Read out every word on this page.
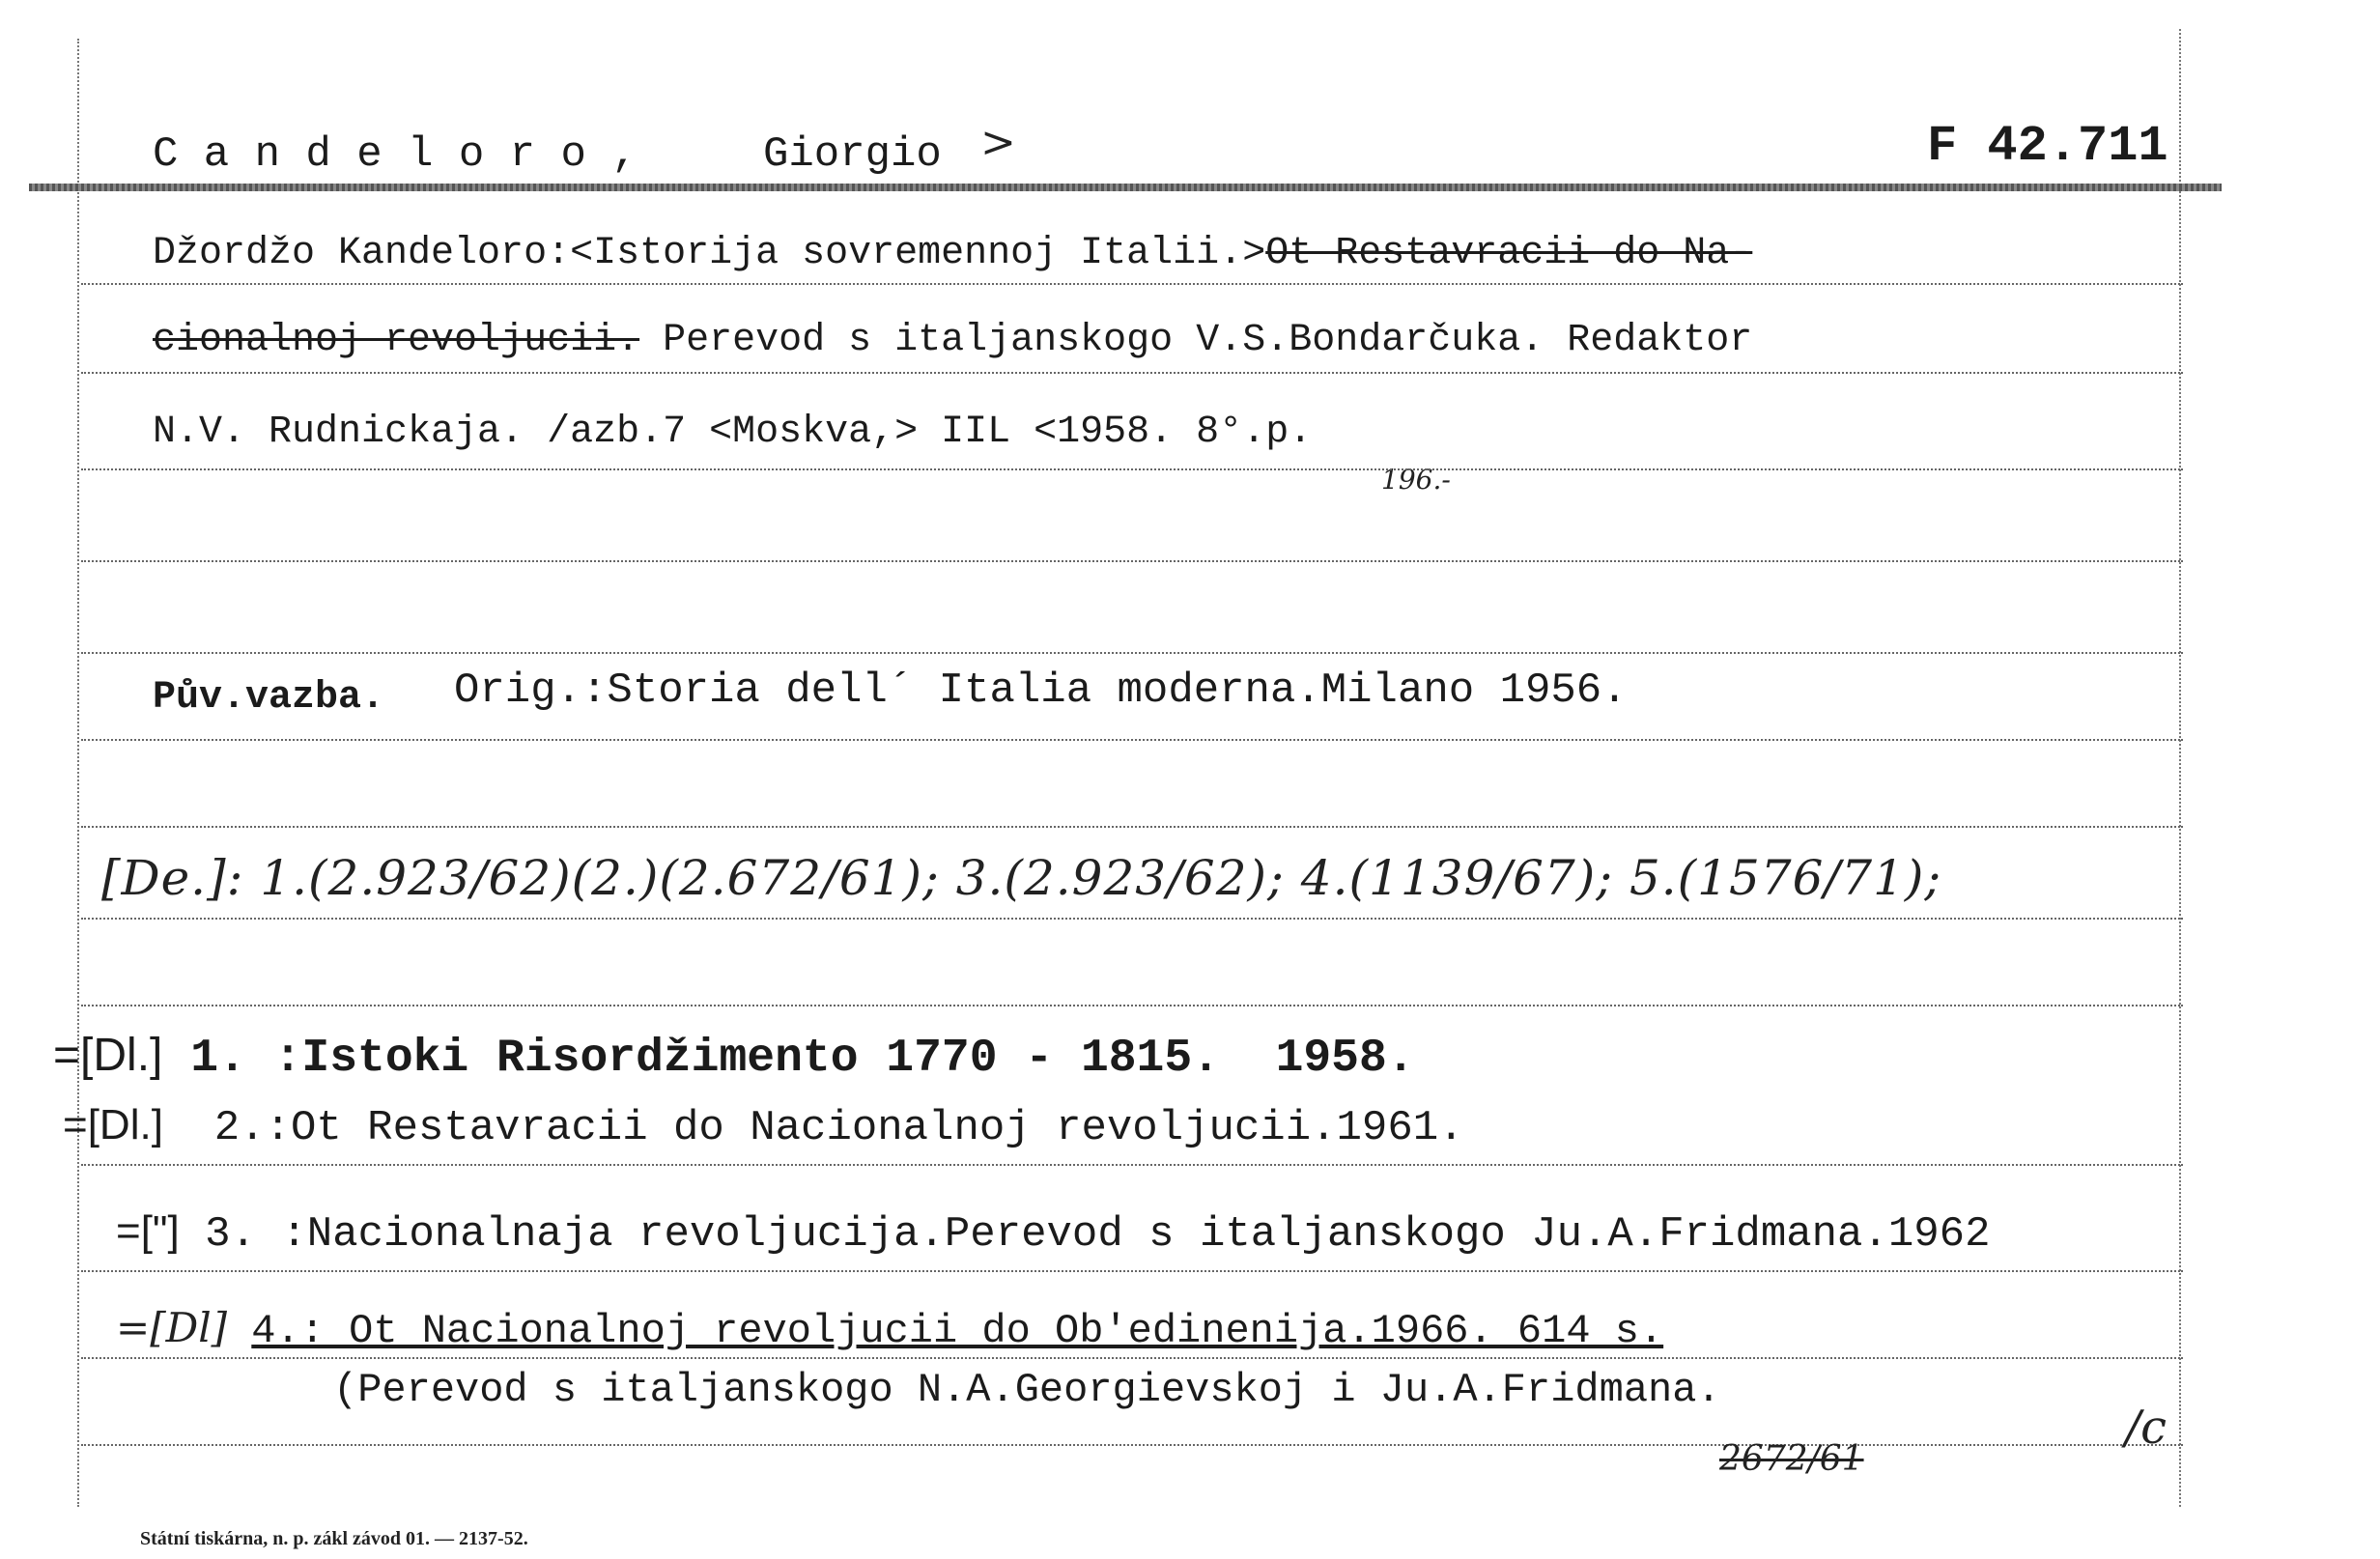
C a n d e l o r o ,	Giorgio >	F 42.711
Džordžo Kandeloro:<Istorija sovremennoj Italii.>Ot Restavracii do Na-
cionalnoj revoljucii. Perevod s italjanskogo V.S.Bondarčuka. Redaktor
N.V. Rudnickaja. /azb.7 <Moskva,> IIL <1958. 8°.p.
196.-
Pův.vazba. Orig.:Storia dell´ Italia moderna.Milano 1956.
[De.]: 1.(2.923/62)(2.)(2.672/61); 3.(2.923/62); 4.(1139/67); 5.(1576/71);
=[Dl.] 1. :Istoki Risordžimento 1770 - 1815.  1958.
=[Dl.] 2.:Ot Restavracii do Nacionalnoj revoljucii.1961.
=["] 3. :Nacionalnaja revoljucija.Perevod s italjanskogo Ju.A.Fridmana.1962
=[Dl] 4.: Ot Nacionalnoj revoljucii do Ob'edinenija.1966. 614 s.
(Perevod s italjanskogo N.A.Georgievskoj i Ju.A.Fridmana.
2672/61
/c
Státní tiskárna, n. p. zákl závod 01. — 2137-52.
